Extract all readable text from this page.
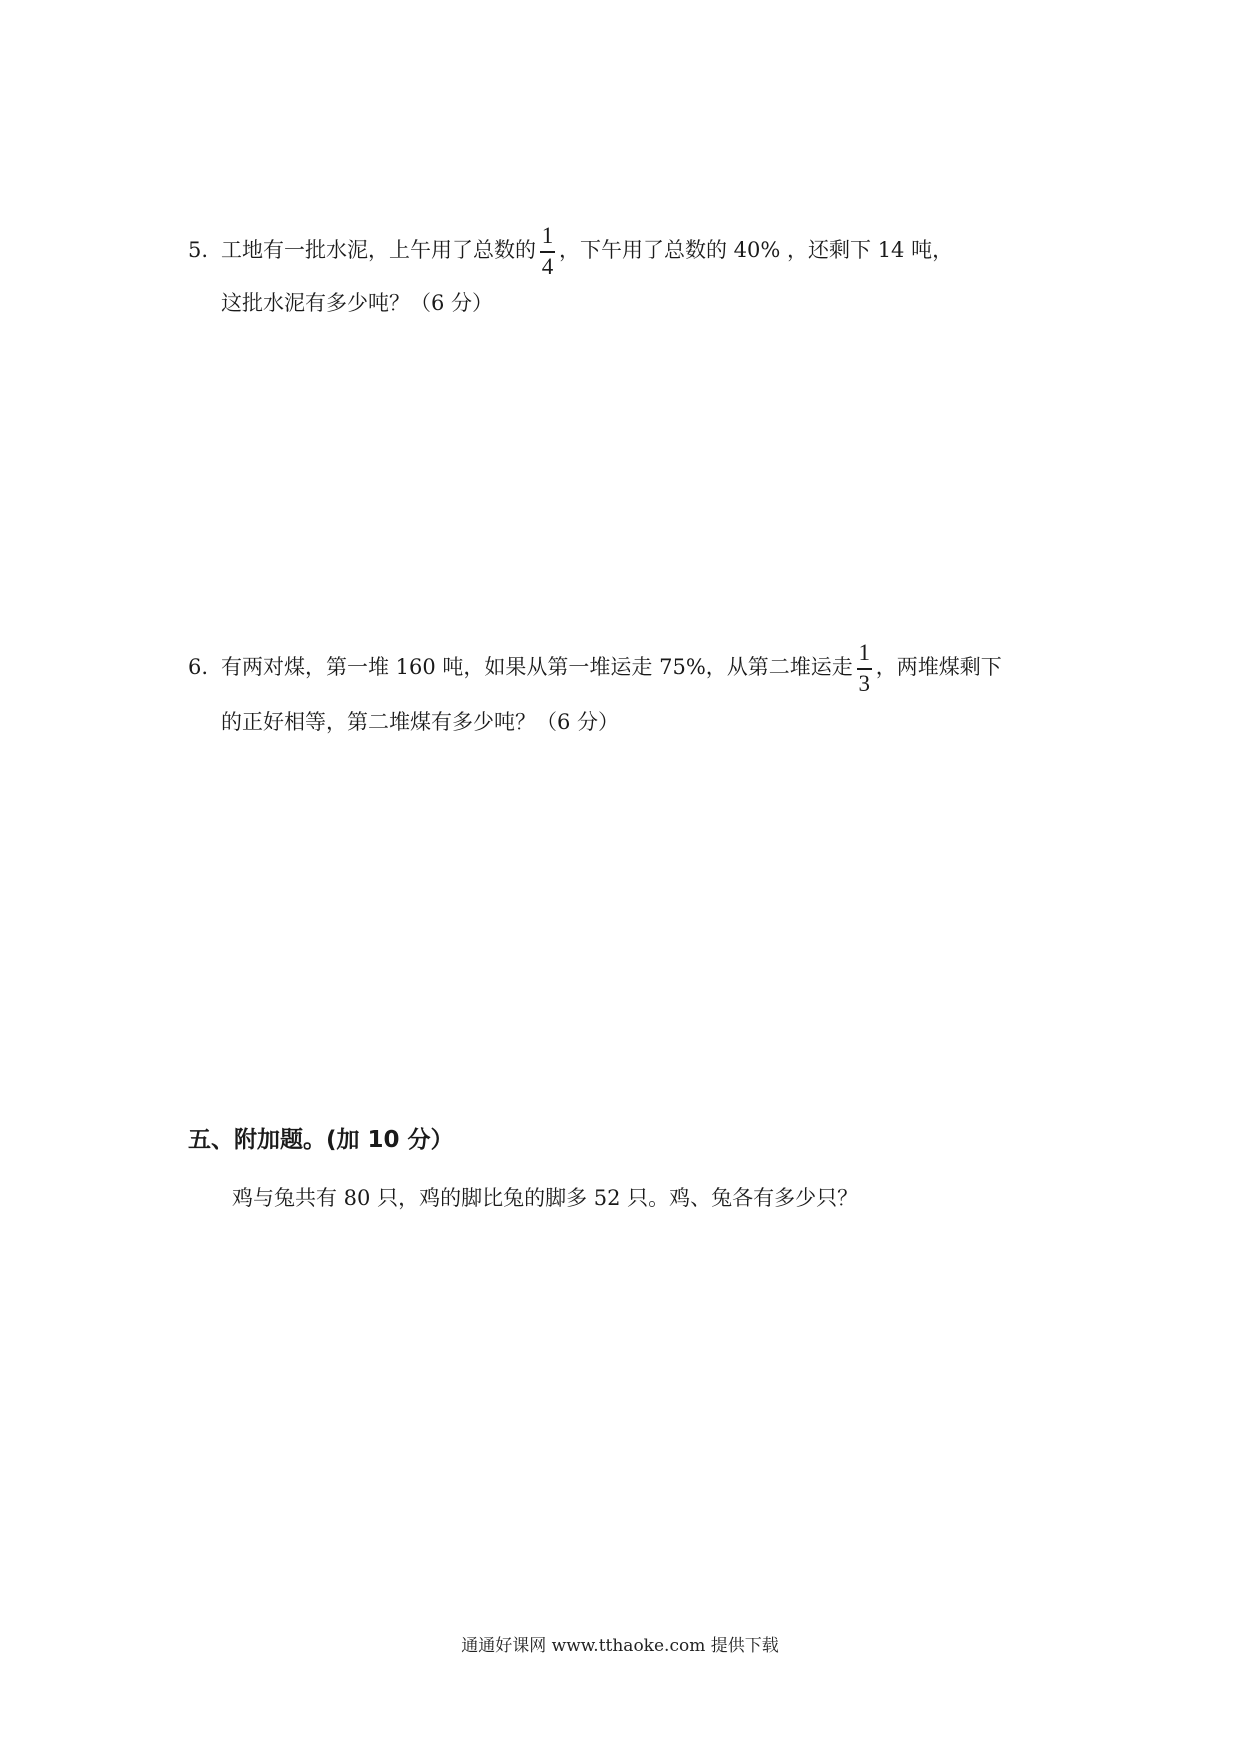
5. 工地有一批水泥，上午用了总数的 $\frac{1}{4}$ ，下午用了总数的 40% ，还剩下 14 吨，
这批水泥有多少吨？（6 分）
6. 有两对煤，第一堆 160 吨，如果从第一堆运走 75%，从第二堆运走 $\frac{1}{3}$ ，两堆煤剩下
的正好相等，第二堆煤有多少吨？（6 分）
五、附加题。(加 10 分）
鸡与兔共有 80 只，鸡的脚比兔的脚多 52 只。鸡、兔各有多少只？
通通好课网 www.tthaoke.com 提供下载
